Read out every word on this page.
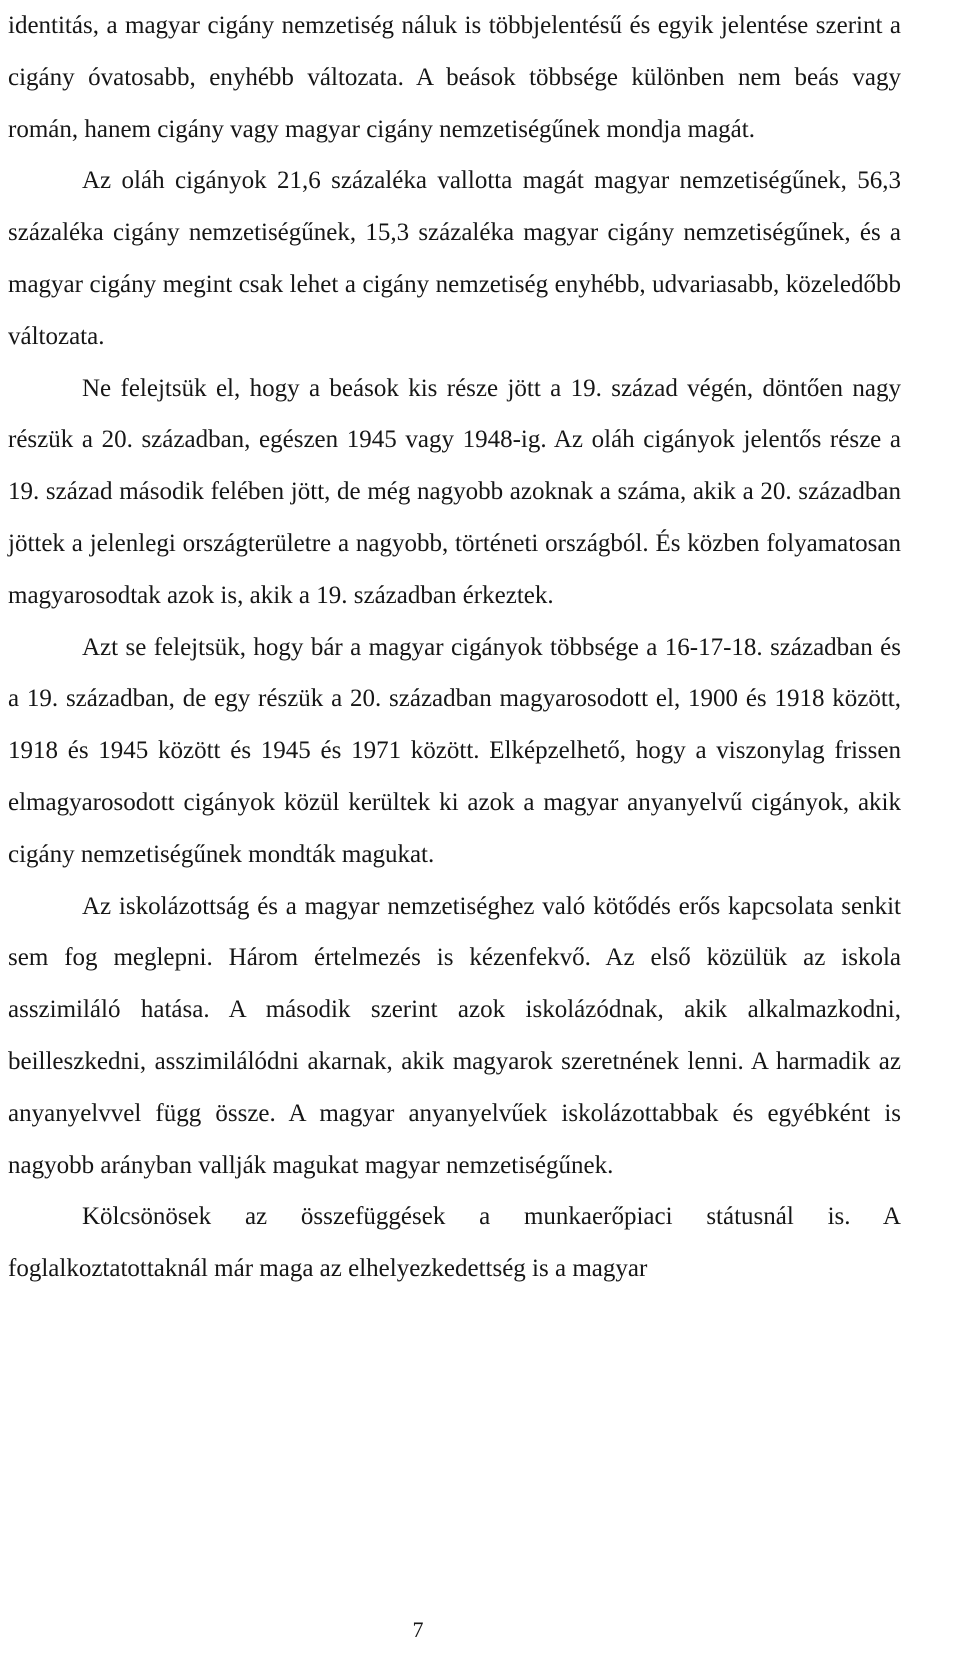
identitás, a magyar cigány nemzetiség náluk is többjelentésű és egyik jelentése szerint a cigány óvatosabb, enyhébb változata. A beások többsége különben nem beás vagy román, hanem cigány vagy magyar cigány nemzetiségűnek mondja magát.

Az oláh cigányok 21,6 százaléka vallotta magát magyar nemzetiségűnek, 56,3 százaléka cigány nemzetiségűnek, 15,3 százaléka magyar cigány nemzetiségűnek, és a magyar cigány megint csak lehet a cigány nemzetiség enyhébb, udvariasabb, közeledőbb változata.

Ne felejtsük el, hogy a beások kis része jött a 19. század végén, döntően nagy részük a 20. században, egészen 1945 vagy 1948-ig. Az oláh cigányok jelentős része a 19. század második felében jött, de még nagyobb azoknak a száma, akik a 20. században jöttek a jelenlegi országterületre a nagyobb, történeti országból. És közben folyamatosan magyarosodtak azok is, akik a 19. században érkeztek.

Azt se felejtsük, hogy bár a magyar cigányok többsége a 16-17-18. században és a 19. században, de egy részük a 20. században magyarosodott el, 1900 és 1918 között, 1918 és 1945 között és 1945 és 1971 között. Elképzelhető, hogy a viszonylag frissen elmagyarosodott cigányok közül kerültek ki azok a magyar anyanyelvű cigányok, akik cigány nemzetiségűnek mondták magukat.

Az iskolázottság és a magyar nemzetiséghez való kötődés erős kapcsolata senkit sem fog meglepni. Három értelmezés is kézenfekvő. Az első közülük az iskola asszimiláló hatása. A második szerint azok iskolázódnak, akik alkalmazkodni, beilleszkedni, asszimilálódni akarnak, akik magyarok szeretnének lenni. A harmadik az anyanyelvvel függ össze. A magyar anyanyelvűek iskolázottabbak és egyébként is nagyobb arányban vallják magukat magyar nemzetiségűnek.

Kölcsönösek az összefüggések a munkaerőpiaci státusnál is. A foglalkoztatottaknál már maga az elhelyezkedettség is a magyar

7
